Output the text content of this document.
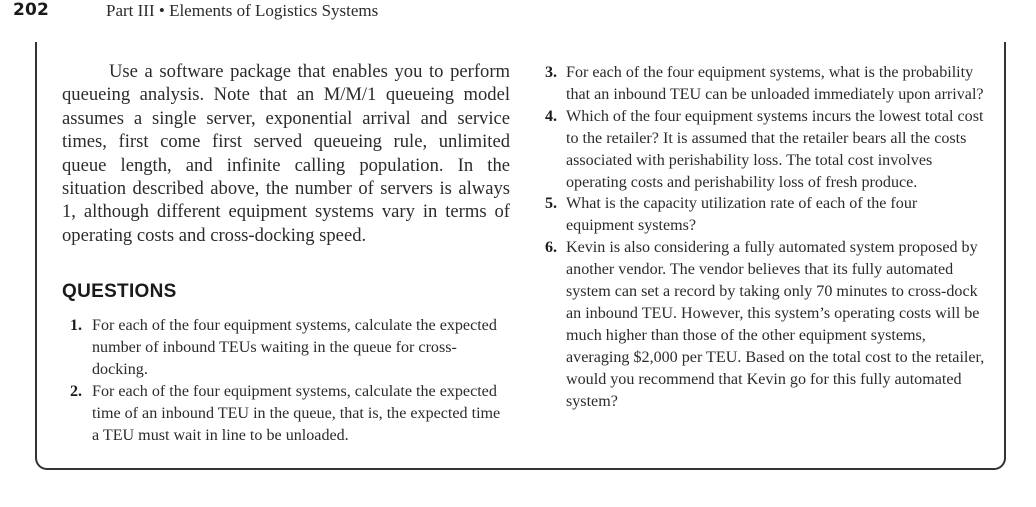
202	Part III • Elements of Logistics Systems

Use a software package that enables you to perform queueing analysis. Note that an M/M/1 queueing model assumes a single server, exponential arrival and service times, first come first served queueing rule, unlimited queue length, and infinite calling population. In the situation described above, the number of servers is always 1, although different equipment systems vary in terms of operating costs and cross-docking speed.

QUESTIONS
1. For each of the four equipment systems, calculate the expected number of inbound TEUs waiting in the queue for cross-docking.
2. For each of the four equipment systems, calculate the expected time of an inbound TEU in the queue, that is, the expected time a TEU must wait in line to be unloaded.
3. For each of the four equipment systems, what is the probability that an inbound TEU can be unloaded immediately upon arrival?
4. Which of the four equipment systems incurs the lowest total cost to the retailer? It is assumed that the retailer bears all the costs associated with perishability loss. The total cost involves operating costs and perishability loss of fresh produce.
5. What is the capacity utilization rate of each of the four equipment systems?
6. Kevin is also considering a fully automated system proposed by another vendor. The vendor believes that its fully automated system can set a record by taking only 70 minutes to cross-dock an inbound TEU. However, this system’s operating costs will be much higher than those of the other equipment systems, averaging $2,000 per TEU. Based on the total cost to the retailer, would you recommend that Kevin go for this fully automated system?
